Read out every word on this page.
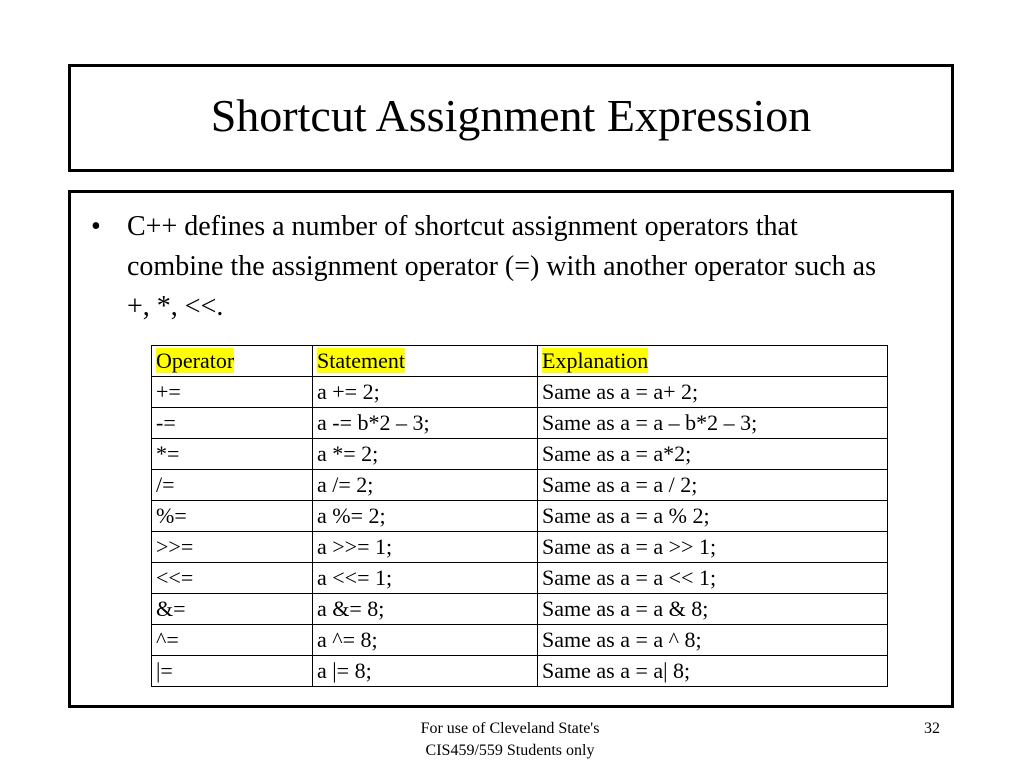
Shortcut Assignment Expression
• C++ defines a number of shortcut assignment operators that combine the assignment operator (=) with another operator such as +, *, <<.
Operator	Statement	Explanation
+=	a += 2;	Same as a = a+ 2;
-=	a -= b*2 – 3;	Same as a = a – b*2 – 3;
*=	a *= 2;	Same as a = a*2;
/=	a /= 2;	Same as a = a / 2;
%=	a %= 2;	Same as a = a % 2;
>>=	a >>= 1;	Same as a = a >> 1;
<<=	a <<= 1;	Same as a = a << 1;
&=	a &= 8;	Same as a = a & 8;
^=	a ^= 8;	Same as a = a ^ 8;
|=	a |= 8;	Same as a = a| 8;
For use of Cleveland State's
CIS459/559 Students only
32
